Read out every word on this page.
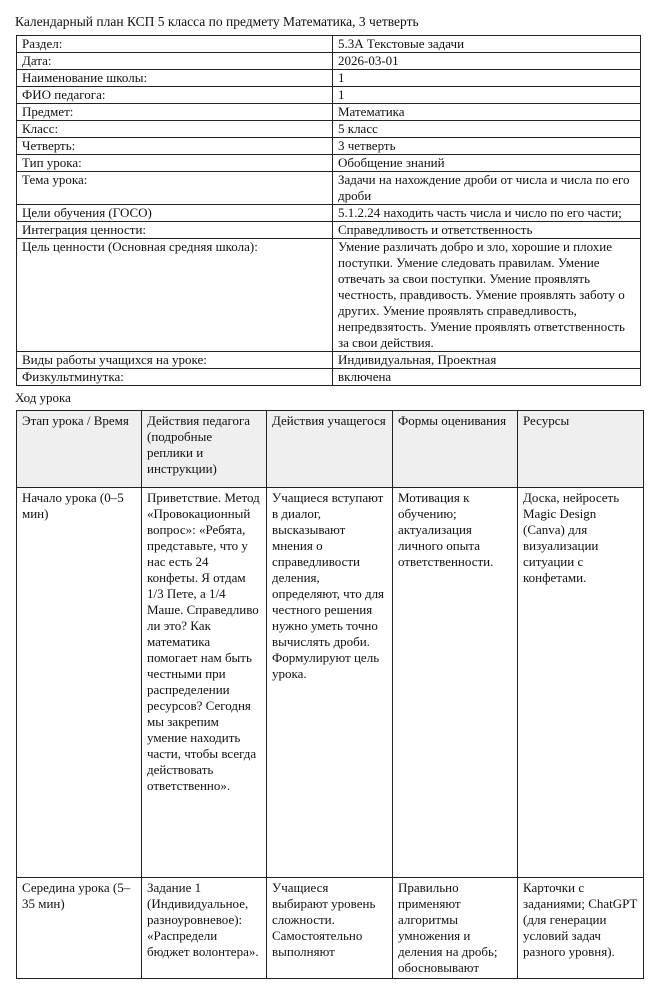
Календарный план КСП 5 класса по предмету Математика, 3 четверть
Раздел:	5.3А Текстовые задачи
Дата:	2026-03-01
Наименование школы:	1
ФИО педагога:	1
Предмет:	Математика
Класс:	5 класс
Четверть:	3 четверть
Тип урока:	Обобщение знаний
Тема урока:	Задачи на нахождение дроби от числа и числа по его дроби
Цели обучения (ГОСО)	5.1.2.24 находить часть числа и число по его части;
Интеграция ценности:	Справедливость и ответственность
Цель ценности (Основная средняя школа):	Умение различать добро и зло, хорошие и плохие поступки. Умение следовать правилам. Умение отвечать за свои поступки. Умение проявлять честность, правдивость. Умение проявлять заботу о других. Умение проявлять справедливость, непредвзятость. Умение проявлять ответственность за свои действия.
Виды работы учащихся на уроке:	Индивидуальная, Проектная
Физкультминутка:	включена
Ход урока
Этап урока / Время	Действия педагога (подробные реплики и инструкции)	Действия учащегося	Формы оценивания	Ресурсы
Начало урока (0–5 мин)	Приветствие. Метод «Провокационный вопрос»: «Ребята, представьте, что у нас есть 24 конфеты. Я отдам 1/3 Пете, а 1/4 Маше. Справедливо ли это? Как математика помогает нам быть честными при распределении ресурсов? Сегодня мы закрепим умение находить части, чтобы всегда действовать ответственно».	Учащиеся вступают в диалог, высказывают мнения о справедливости деления, определяют, что для честного решения нужно уметь точно вычислять дроби. Формулируют цель урока.	Мотивация к обучению; актуализация личного опыта ответственности.	Доска, нейросеть Magic Design (Canva) для визуализации ситуации с конфетами.
Середина урока (5–35 мин)	Задание 1 (Индивидуальное, разноуровневое): «Распредели бюджет волонтера».	Учащиеся выбирают уровень сложности. Самостоятельно выполняют	Правильно применяют алгоритмы умножения и деления на дробь; обосновывают	Карточки с заданиями; ChatGPT (для генерации условий задач разного уровня).
